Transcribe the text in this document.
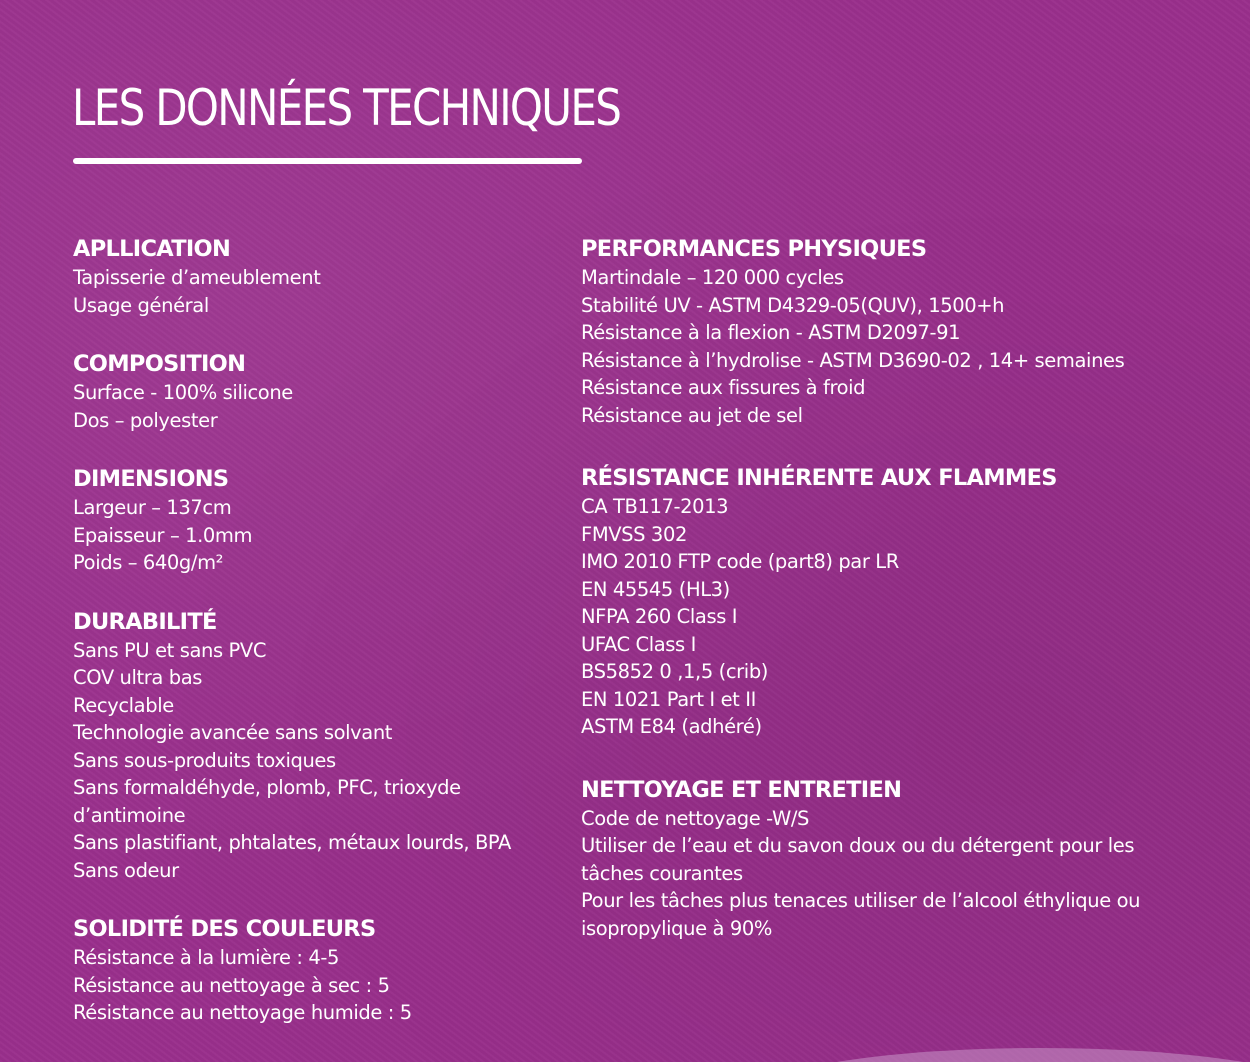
LES DONNÉES TECHNIQUES
APLLICATION
Tapisserie d’ameublement
Usage général
COMPOSITION
Surface - 100% silicone
Dos – polyester
DIMENSIONS
Largeur – 137cm
Epaisseur – 1.0mm
Poids – 640g/m²
DURABILITÉ
Sans PU et sans PVC
COV ultra bas
Recyclable
Technologie avancée sans solvant
Sans sous-produits toxiques
Sans formaldéhyde, plomb, PFC, trioxyde d’antimoine
Sans plastifiant, phtalates, métaux lourds, BPA
Sans odeur
SOLIDITÉ DES COULEURS
Résistance à la lumière : 4-5
Résistance au nettoyage à sec : 5
Résistance au nettoyage humide : 5
PERFORMANCES PHYSIQUES
Martindale – 120 000 cycles
Stabilité UV - ASTM D4329-05(QUV), 1500+h
Résistance à la flexion - ASTM D2097-91
Résistance à l’hydrolise - ASTM D3690-02 , 14+ semaines
Résistance aux fissures à froid
Résistance au jet de sel
RÉSISTANCE INHÉRENTE AUX FLAMMES
CA TB117-2013
FMVSS 302
IMO 2010 FTP code (part8) par LR
EN 45545 (HL3)
NFPA 260 Class I
UFAC Class I
BS5852 0 ,1,5 (crib)
EN 1021 Part I et II
ASTM E84 (adhéré)
NETTOYAGE ET ENTRETIEN
Code de nettoyage -W/S
Utiliser de l’eau et du savon doux ou du détergent pour les tâches courantes
Pour les tâches plus tenaces utiliser de l’alcool éthylique ou isopropylique à 90%
